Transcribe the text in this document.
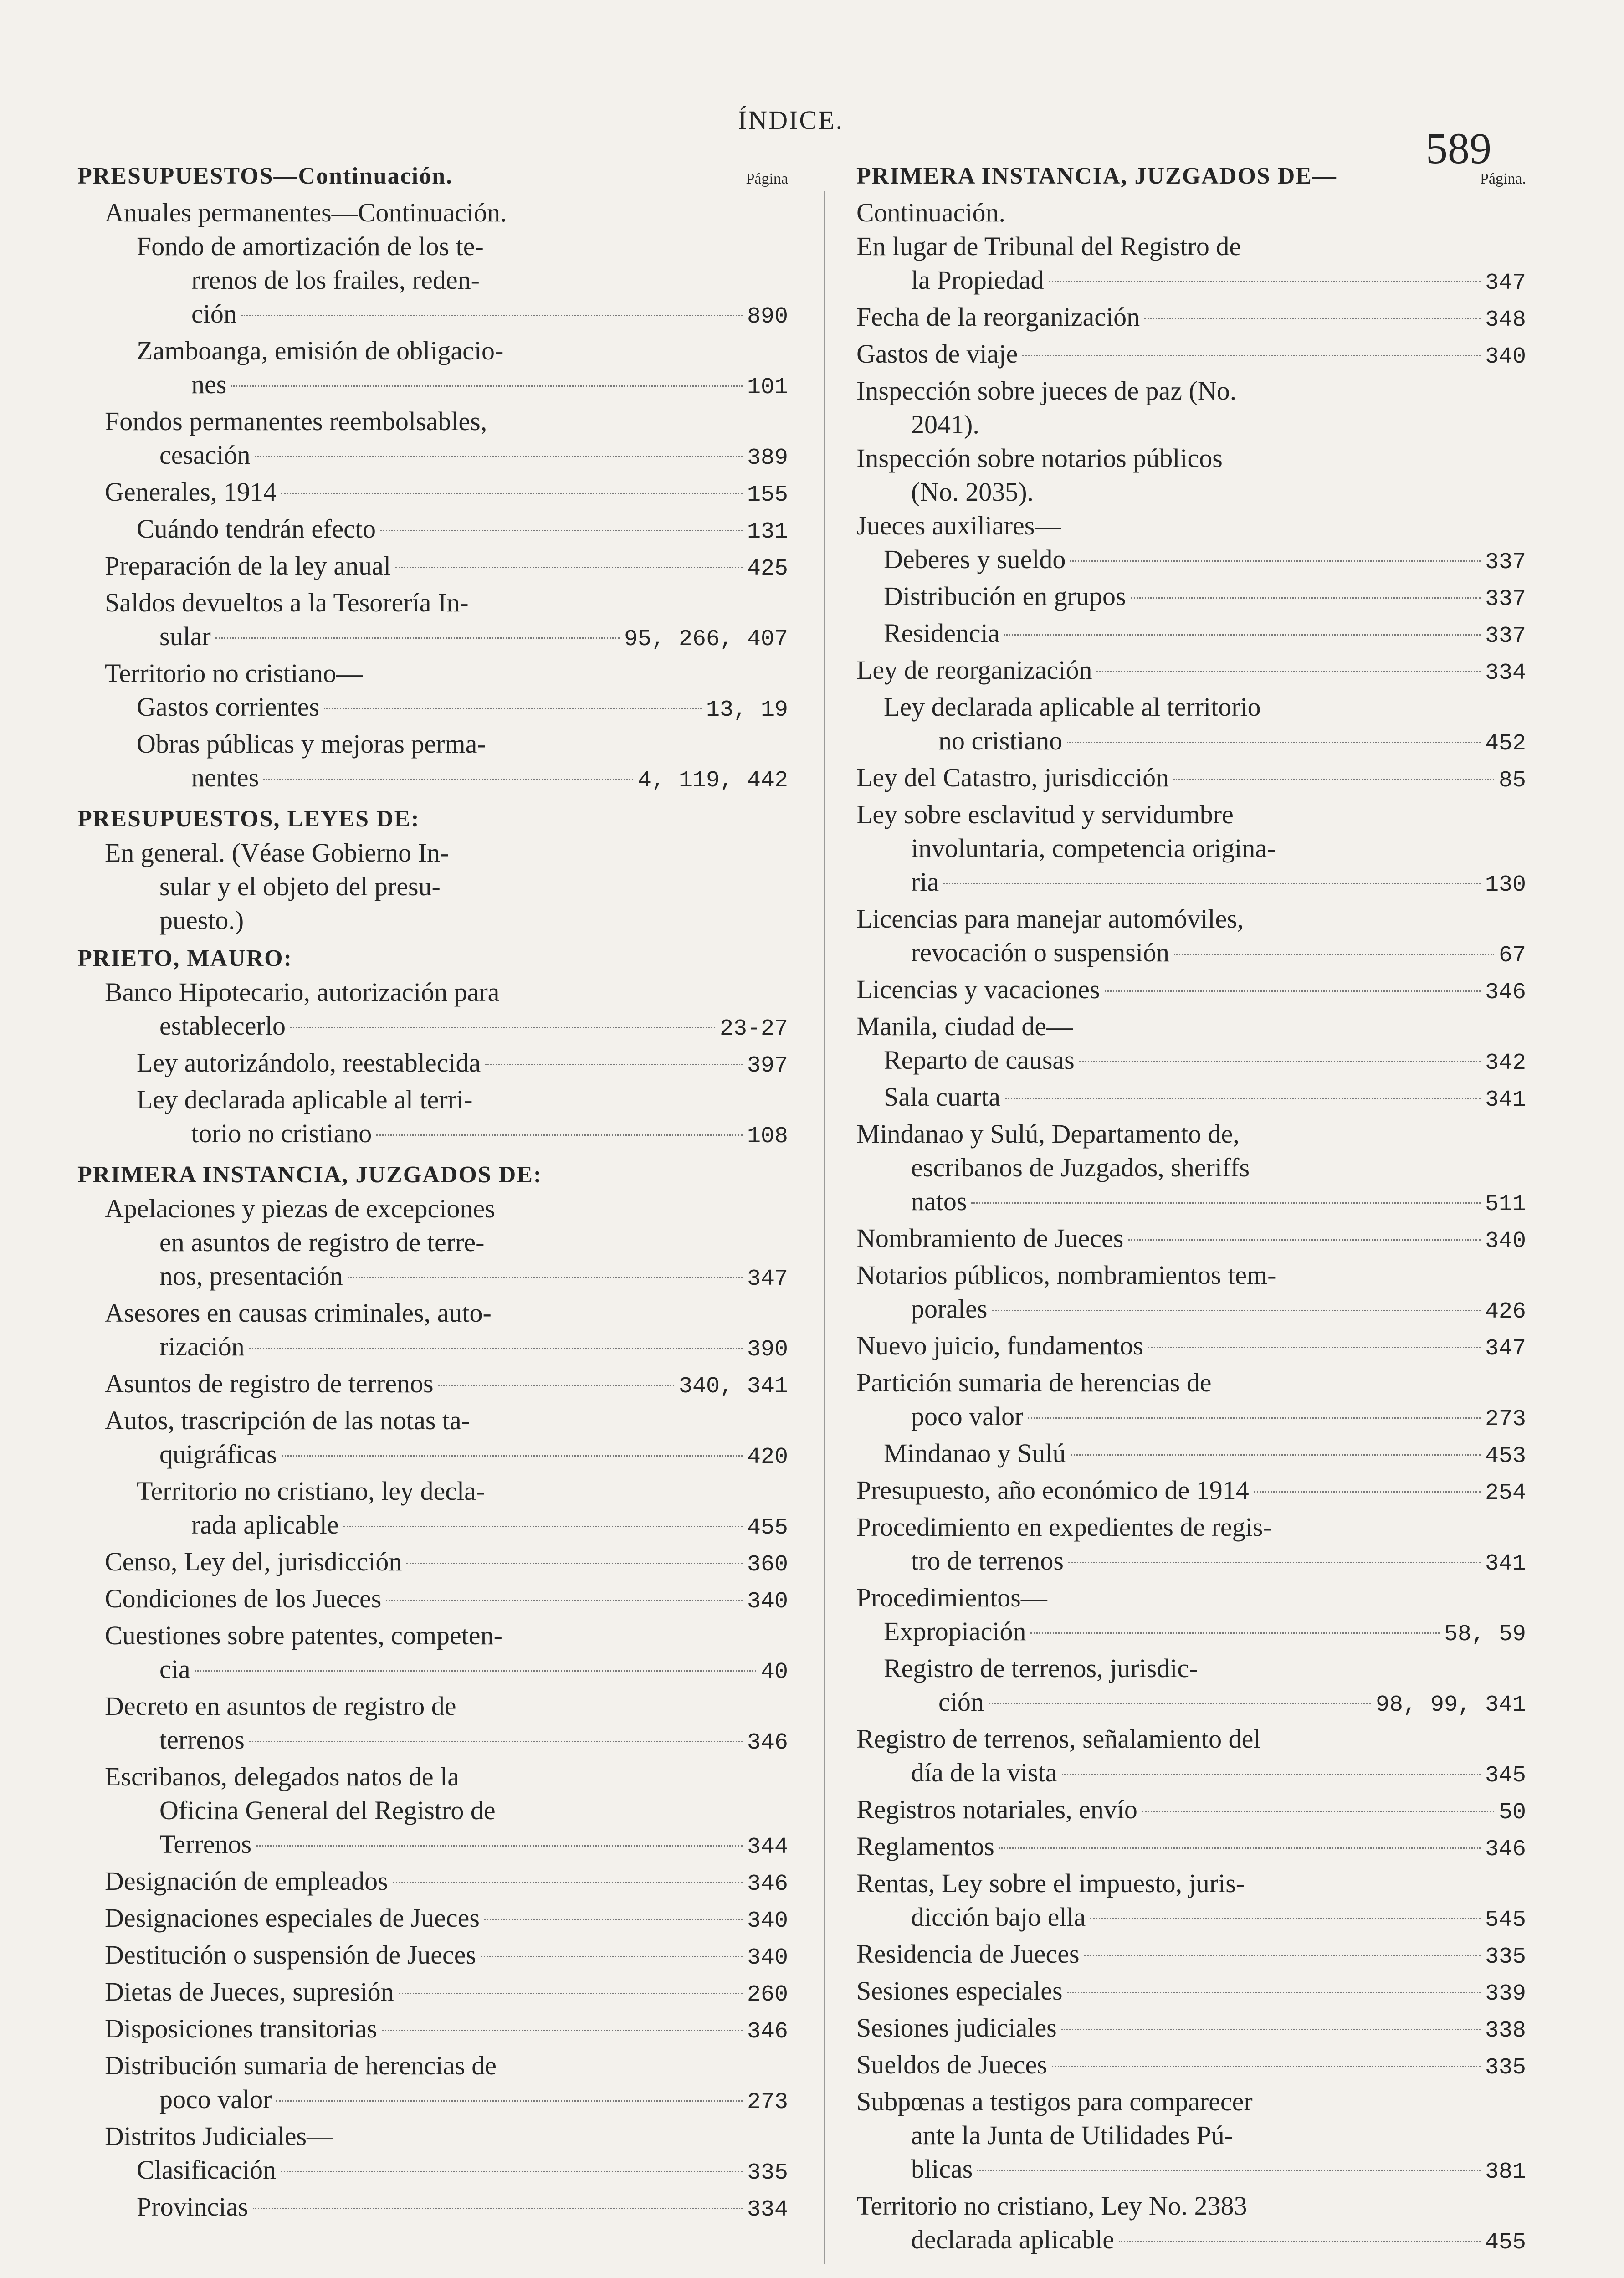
ÍNDICE.
589
PRESUPUESTOS—Continuación.	Página
Anuales permanentes—Continuación.
Fondo de amortización de los te-
rrenos de los frailes, reden-
ción	890
Zamboanga, emisión de obligacio-
nes	101
Fondos permanentes reembolsables,
cesación	389
Generales, 1914	155
Cuándo tendrán efecto	131
Preparación de la ley anual	425
Saldos devueltos a la Tesorería In-
sular	95, 266, 407
Territorio no cristiano—
Gastos corrientes	13, 19
Obras públicas y mejoras perma-
nentes	4, 119, 442
PRESUPUESTOS, LEYES DE:
En general. (Véase Gobierno In-
sular y el objeto del presu-
puesto.)
PRIETO, MAURO:
Banco Hipotecario, autorización para
establecerlo	23-27
Ley autorizándolo, reestablecida	397
Ley declarada aplicable al terri-
torio no cristiano	108
PRIMERA INSTANCIA, JUZGADOS DE:
Apelaciones y piezas de excepciones
en asuntos de registro de terre-
nos, presentación	347
Asesores en causas criminales, auto-
rización	390
Asuntos de registro de terrenos	340, 341
Autos, trascripción de las notas ta-
quigráficas	420
Territorio no cristiano, ley decla-
rada aplicable	455
Censo, Ley del, jurisdicción	360
Condiciones de los Jueces	340
Cuestiones sobre patentes, competen-
cia	40
Decreto en asuntos de registro de
terrenos	346
Escribanos, delegados natos de la
Oficina General del Registro de
Terrenos	344
Designación de empleados	346
Designaciones especiales de Jueces	340
Destitución o suspensión de Jueces	340
Dietas de Jueces, supresión	260
Disposiciones transitorias	346
Distribución sumaria de herencias de
poco valor	273
Distritos Judiciales—
Clasificación	335
Provincias	334
PRIMERA INSTANCIA, JUZGADOS DE—	Página.
Continuación.
En lugar de Tribunal del Registro de
la Propiedad	347
Fecha de la reorganización	348
Gastos de viaje	340
Inspección sobre jueces de paz (No.
2041).
Inspección sobre notarios públicos
(No. 2035).
Jueces auxiliares—
Deberes y sueldo	337
Distribución en grupos	337
Residencia	337
Ley de reorganización	334
Ley declarada aplicable al territorio
no cristiano	452
Ley del Catastro, jurisdicción	85
Ley sobre esclavitud y servidumbre
involuntaria, competencia origina-
ria	130
Licencias para manejar automóviles,
revocación o suspensión	67
Licencias y vacaciones	346
Manila, ciudad de—
Reparto de causas	342
Sala cuarta	341
Mindanao y Sulú, Departamento de,
escribanos de Juzgados, sheriffs
natos	511
Nombramiento de Jueces	340
Notarios públicos, nombramientos tem-
porales	426
Nuevo juicio, fundamentos	347
Partición sumaria de herencias de
poco valor	273
Mindanao y Sulú	453
Presupuesto, año económico de 1914	254
Procedimiento en expedientes de regis-
tro de terrenos	341
Procedimientos—
Expropiación	58, 59
Registro de terrenos, jurisdic-
ción	98, 99, 341
Registro de terrenos, señalamiento del
día de la vista	345
Registros notariales, envío	50
Reglamentos	346
Rentas, Ley sobre el impuesto, juris-
dicción bajo ella	545
Residencia de Jueces	335
Sesiones especiales	339
Sesiones judiciales	338
Sueldos de Jueces	335
Subpœnas a testigos para comparecer
ante la Junta de Utilidades Pú-
blicas	381
Territorio no cristiano, Ley No. 2383
declarada aplicable	455
